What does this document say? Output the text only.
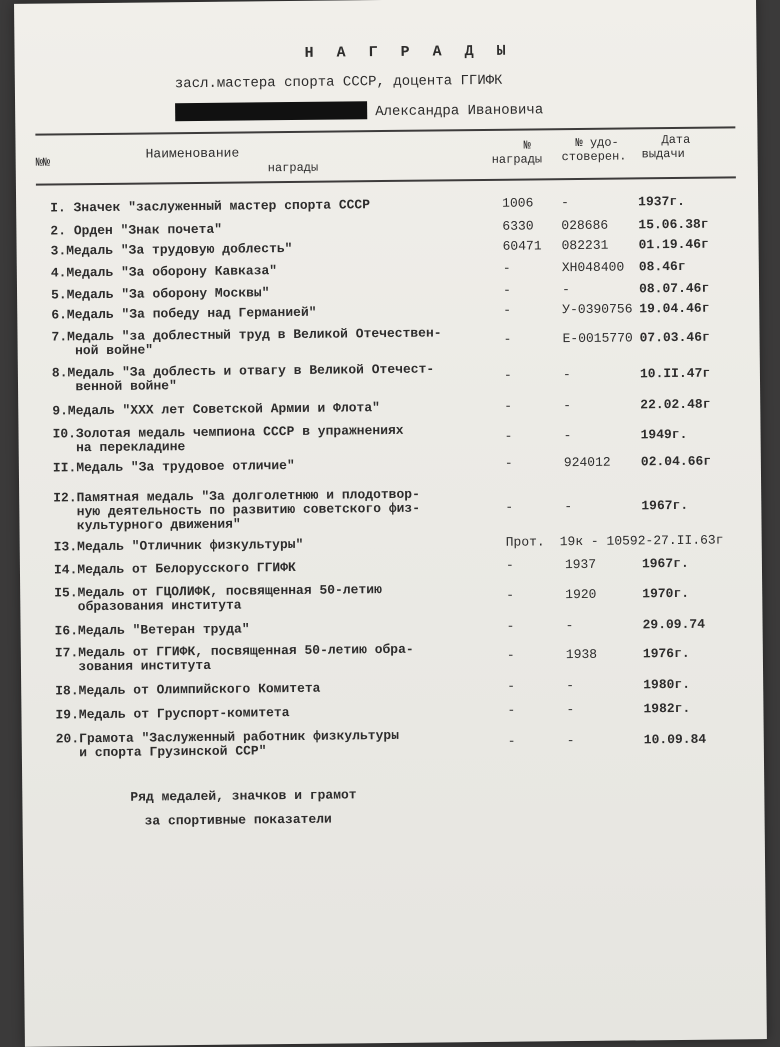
Н А Г Р А Д Ы
засл.мастера спорта СССР, доцента ГГИФК
Александра Ивановича
№№
Наименование
награды
№
награды
№ удо-
стоверен.
Дата
выдачи
I. Значек "заслуженный мастер спорта СССР	1006	-	1937г.
2. Орден "Знак почета"	6330	028686	15.06.38г
3.Медаль "За трудовую доблесть"	60471	082231	01.19.46г
4.Медаль "За оборону Кавказа"	-	ХН048400	08.46г
5.Медаль "За оборону Москвы"	-	-	08.07.46г
6.Медаль "За победу над Германией"	-	У-0390756 19.04.46г
7.Медаль "за доблестный труд в Великой Отечествен-
ной войне"
-	Е-0015770 07.03.46г
8.Медаль "За доблесть и отвагу в Великой Отечест-
венной войне"
-	-	10.II.47г
9.Медаль "XXX лет Советской Армии и Флота"	-	-	22.02.48г
I0.Золотая медаль чемпиона СССР в упражнениях
на перекладине
-	-	1949г.
II.Медаль "За трудовое отличие"	-	924012	02.04.66г
I2.Памятная медаль "За долголетнюю и плодотвор-
ную деятельность по развитию советского физ-
культурного движения"
-	-	1967г.
I3.Медаль "Отличник физкультуры"	Прот.	19к - 10592-27.II.63г
I4.Медаль от Белорусского ГГИФК	-	1937	1967г.
I5.Медаль от ГЦОЛИФК, посвященная 50-летию
образования института
-	1920	1970г.
I6.Медаль "Ветеран труда"	-	-	29.09.74
I7.Медаль от ГГИФК, посвященная 50-летию обра-
зования института
-	1938	1976г.
I8.Медаль от Олимпийского Комитета	-	-	1980г.
I9.Медаль от Груспорт-комитета	-	-	1982г.
20.Грамота "Заслуженный работник физкультуры
и спорта Грузинской ССР"
-	-	10.09.84
Ряд медалей, значков и грамот
за спортивные показатели
